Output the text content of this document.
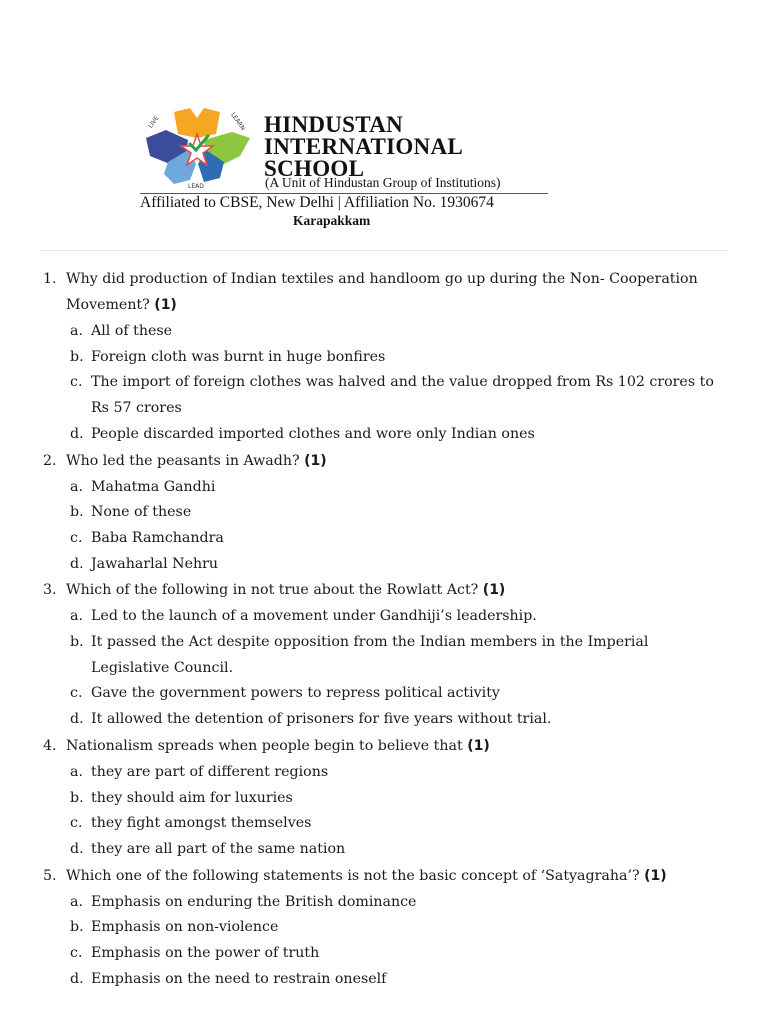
LIVE	LEARN
LEAD
HINDUSTAN
INTERNATIONAL
SCHOOL
(A Unit of Hindustan Group of Institutions)
Affiliated to CBSE, New Delhi | Affiliation No. 1930674
Karapakkam
1. Why did production of Indian textiles and handloom go up during the Non- Cooperation Movement? (1)
a. All of these
b. Foreign cloth was burnt in huge bonfires
c. The import of foreign clothes was halved and the value dropped from Rs 102 crores to Rs 57 crores
d. People discarded imported clothes and wore only Indian ones
2. Who led the peasants in Awadh? (1)
a. Mahatma Gandhi
b. None of these
c. Baba Ramchandra
d. Jawaharlal Nehru
3. Which of the following in not true about the Rowlatt Act? (1)
a. Led to the launch of a movement under Gandhiji’s leadership.
b. It passed the Act despite opposition from the Indian members in the Imperial Legislative Council.
c. Gave the government powers to repress political activity
d. It allowed the detention of prisoners for five years without trial.
4. Nationalism spreads when people begin to believe that (1)
a. they are part of different regions
b. they should aim for luxuries
c. they fight amongst themselves
d. they are all part of the same nation
5. Which one of the following statements is not the basic concept of ‘Satyagraha’? (1)
a. Emphasis on enduring the British dominance
b. Emphasis on non-violence
c. Emphasis on the power of truth
d. Emphasis on the need to restrain oneself
